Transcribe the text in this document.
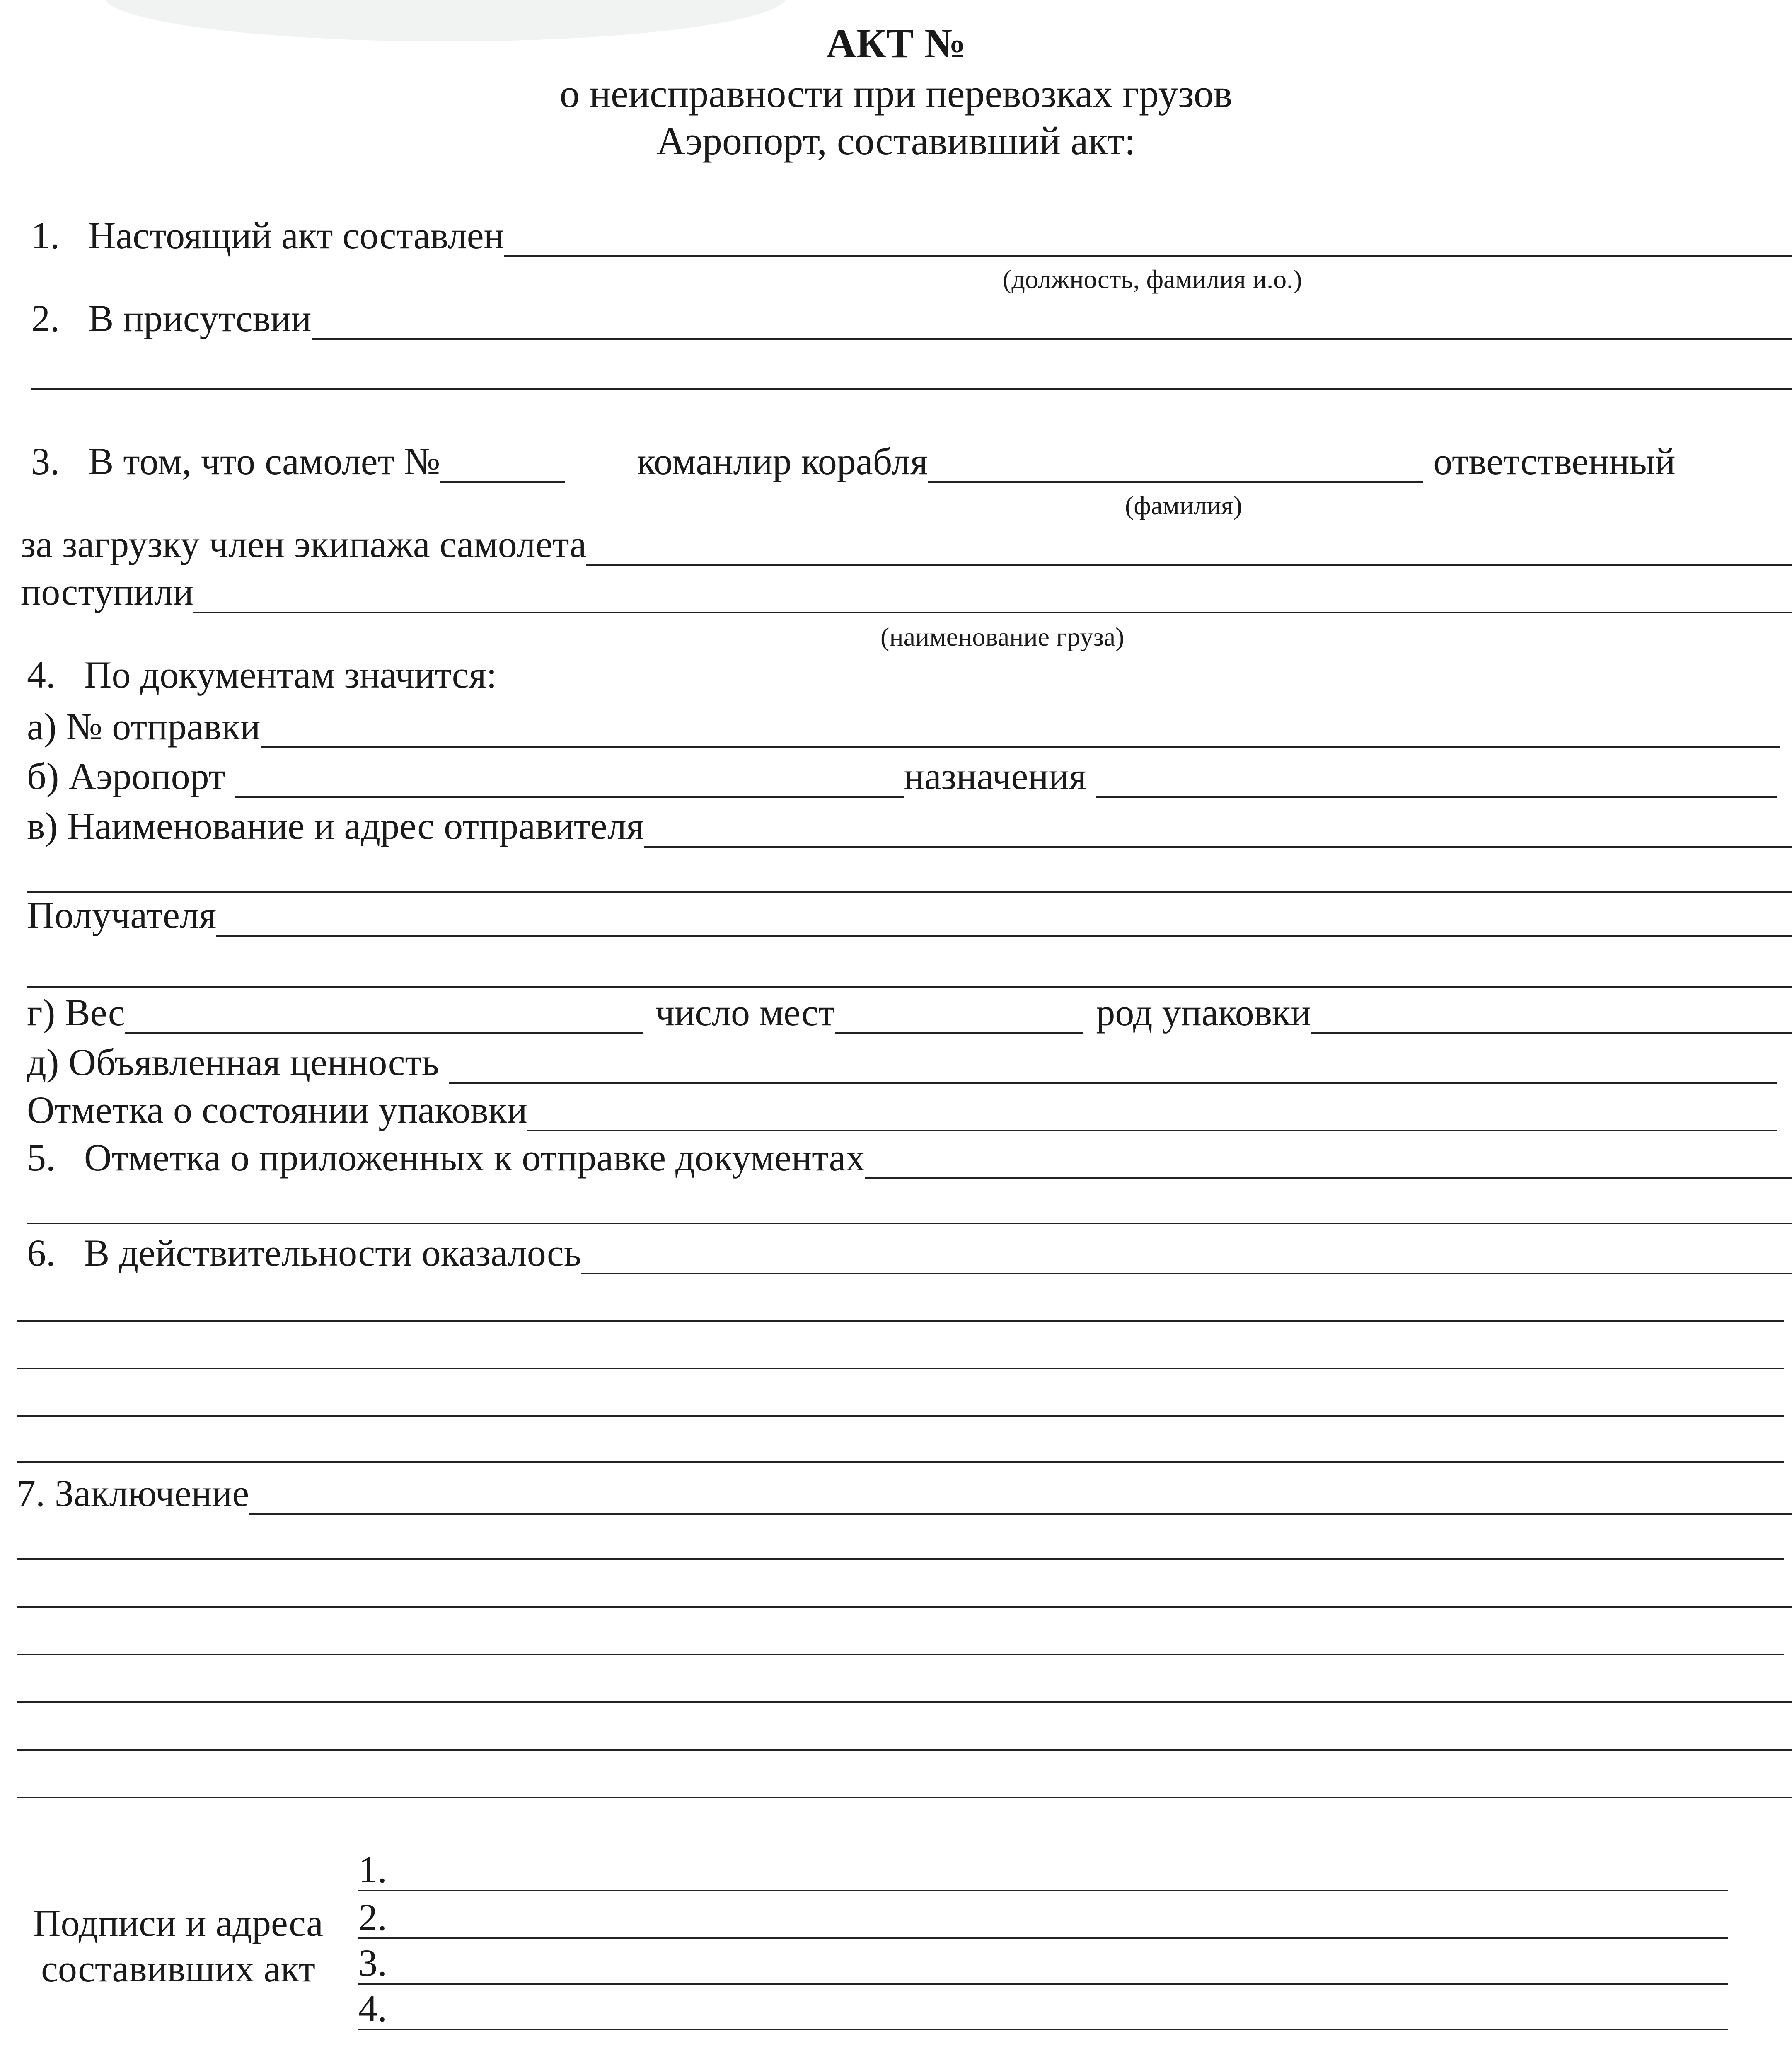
АКТ №
о неисправности при перевозках грузов
Аэропорт, составивший акт:
1.   Настоящий акт составлен
(должность, фамилия и.о.)
2.   В присутсвии
3.   В том, что самолет №	команлир корабля	ответственный
(фамилия)
за загрузку член экипажа самолета
поступили
(наименование груза)
4.   По документам значится:
а) № отправки
б) Аэропорт	назначения
в) Наименование и адрес отправителя
Получателя
г) Вес	число мест	род упаковки
д) Объявленная ценность
Отметка о состоянии упаковки
5.   Отметка о приложенных к отправке документах
6.   В действительности оказалось
7. Заключение
Подписи и адреса
составивших акт
1.
2.
3.
4.
